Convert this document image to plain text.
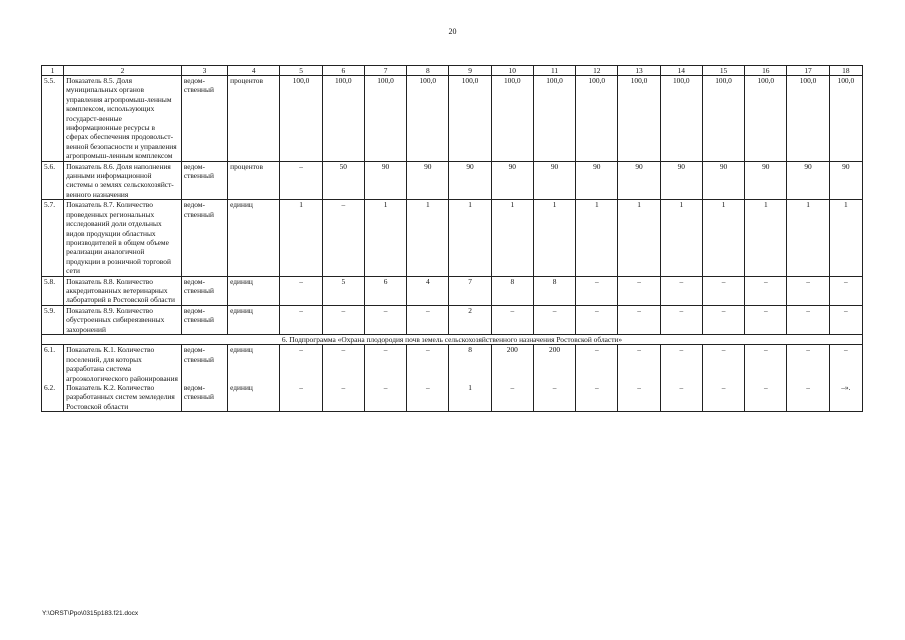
20
1	2	3	4	5	6	7	8	9	10	11	12	13	14	15	16	17	18
5.5.	Показатель 8.5. Доля муниципальных органов управления агропромыш-ленным комплексом, использующих государст-венные информационные ресурсы в сферах обеспечения продовольст-венной безопасности и управления агропромыш-ленным комплексом	ведом-ственный	процентов	100,0	100,0	100,0	100,0	100,0	100,0	100,0	100,0	100,0	100,0	100,0	100,0	100,0	100,0
5.6.	Показатель 8.6. Доля наполнения данными информационной системы о землях сельскохозяйст-венного назначения	ведом-ственный	процентов	–	50	90	90	90	90	90	90	90	90	90	90	90	90
5.7.	Показатель 8.7. Количество проведенных региональных исследований доли отдельных видов продукции областных производителей в общем объеме реализации аналогичной продукции в розничной торговой сети	ведом-ственный	единиц	1	–	1	1	1	1	1	1	1	1	1	1	1	1
5.8.	Показатель 8.8. Количество аккредитованных ветеринарных лабораторий в Ростовской области	ведом-ственный	единиц	–	5	6	4	7	8	8	–	–	–	–	–	–	–
5.9.	Показатель 8.9. Количество обустроенных сибиреязвенных захоронений	ведом-ственный	единиц	–	–	–	–	2	–	–	–	–	–	–	–	–	–
6. Подпрограмма «Охрана плодородия почв земель сельскохозяйственного назначения Ростовской области»																	
6.1.	Показатель К.1. Количество поселений, для которых разработана система агроэкологического районирования	ведом-ственный	единиц	–	–	–	–	8	200	200	–	–	–	–	–	–	–
6.2.	Показатель К.2. Количество разработанных систем земледелия Ростовской области	ведом-ственный	единиц	–	–	–	–	1	–	–	–	–	–	–	–	–	–».
Y:\ORST\Ppo\0315p183.f21.docx
